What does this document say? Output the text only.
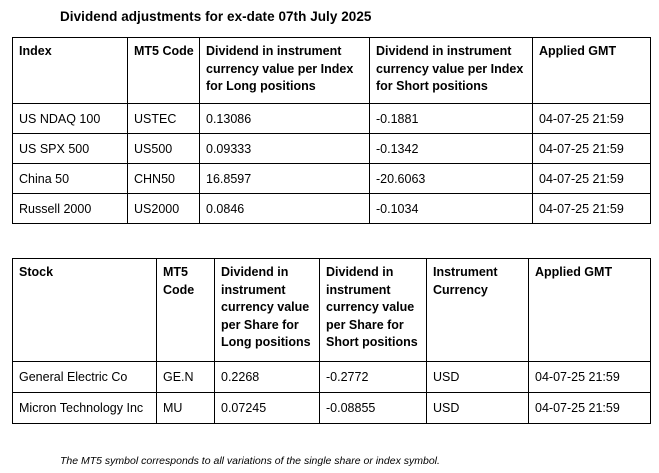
Dividend adjustments for ex-date 07th July 2025
Index	MT5 Code	Dividend in instrument currency value per Index for Long positions	Dividend in instrument currency value per Index for Short positions	Applied GMT
US NDAQ 100	USTEC	0.13086	-0.1881	04-07-25 21:59
US SPX 500	US500	0.09333	-0.1342	04-07-25 21:59
China 50	CHN50	16.8597	-20.6063	04-07-25 21:59
Russell 2000	US2000	0.0846	-0.1034	04-07-25 21:59
Stock	MT5 Code	Dividend in instrument currency value per Share for Long positions	Dividend in instrument currency value per Share for Short positions	Instrument Currency	Applied GMT
General Electric Co	GE.N	0.2268	-0.2772	USD	04-07-25 21:59
Micron Technology Inc	MU	0.07245	-0.08855	USD	04-07-25 21:59
The MT5 symbol corresponds to all variations of the single share or index symbol.
